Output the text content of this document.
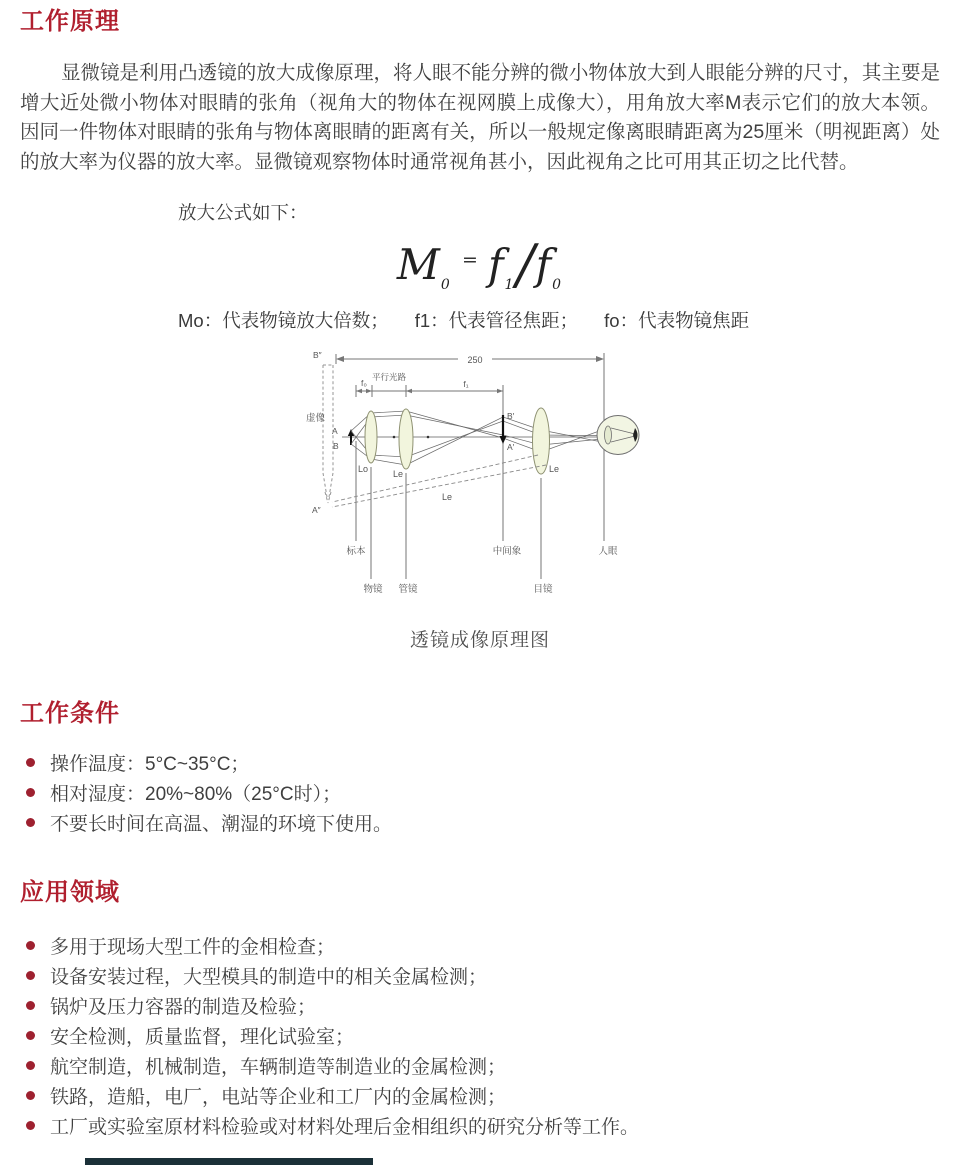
工作原理

显微镜是利用凸透镜的放大成像原理，将人眼不能分辨的微小物体放大到人眼能分辨的尺寸，其主要是增大近处微小物体对眼睛的张角（视角大的物体在视网膜上成像大），用角放大率M表示它们的放大本领。因同一件物体对眼睛的张角与物体离眼睛的距离有关，所以一般规定像离眼睛距离为25厘米（明视距离）处的放大率为仪器的放大率。显微镜观察物体时通常视角甚小，因此视角之比可用其正切之比代替。

放大公式如下：
M0 = f1/f0
Mo：代表物镜放大倍数； f1：代表管径焦距； fo：代表物镜焦距
250
f₀
平行光路
f₁
A
B
Lo	Le	Le
B′
A′
B″
A″
虚像
Le
标本
物镜 管镜
中间象
目镜
人眼
透镜成像原理图
工作条件
操作温度：5°C~35°C；
相对湿度：20%~80%（25°C时）；
不要长时间在高温、潮湿的环境下使用。
应用领域
多用于现场大型工件的金相检查；
设备安装过程，大型模具的制造中的相关金属检测；
锅炉及压力容器的制造及检验；
安全检测，质量监督，理化试验室；
航空制造，机械制造，车辆制造等制造业的金属检测；
铁路，造船，电厂，电站等企业和工厂内的金属检测；
工厂或实验室原材料检验或对材料处理后金相组织的研究分析等工作。
